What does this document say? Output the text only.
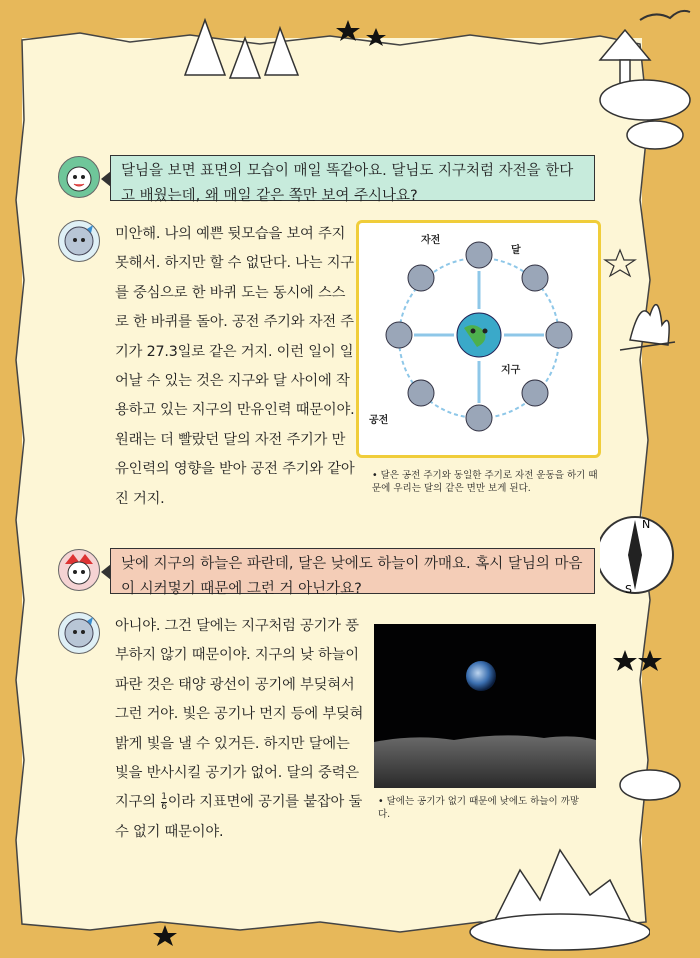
N
S
달님을 보면 표면의 모습이 매일 똑같아요. 달님도 지구처럼 자전을 한다고 배웠는데, 왜 매일 같은 쪽만 보여 주시나요?
미안해. 나의 예쁜 뒷모습을 보여 주지 못해서. 하지만 할 수 없단다. 나는 지구를 중심으로 한 바퀴 도는 동시에 스스로 한 바퀴를 돌아. 공전 주기와 자전 주기가 27.3일로 같은 거지. 이런 일이 일어날 수 있는 것은 지구와 달 사이에 작용하고 있는 지구의 만유인력 때문이야. 원래는 더 빨랐던 달의 자전 주기가 만유인력의 영향을 받아 공전 주기와 같아진 거지.
자전
달
지구
공전
• 달은 공전 주기와 동일한 주기로 자전 운동을 하기 때문에 우리는 달의 같은 면만 보게 된다.
낮에 지구의 하늘은 파란데, 달은 낮에도 하늘이 까매요. 혹시 달님의 마음이 시커멓기 때문에 그런 거 아닌가요?
아니야. 그건 달에는 지구처럼 공기가 풍부하지 않기 때문이야. 지구의 낮 하늘이 파란 것은 태양 광선이 공기에 부딪혀서 그런 거야. 빛은 공기나 먼지 등에 부딪혀 밝게 빛을 낼 수 있거든. 하지만 달에는 빛을 반사시킬 공기가 없어. 달의 중력은 지구의 $\frac{1}{6}$ 이라 지표면에 공기를 붙잡아 둘 수 없기 때문이야.
• 달에는 공기가 없기 때문에 낮에도 하늘이 까맣다.
